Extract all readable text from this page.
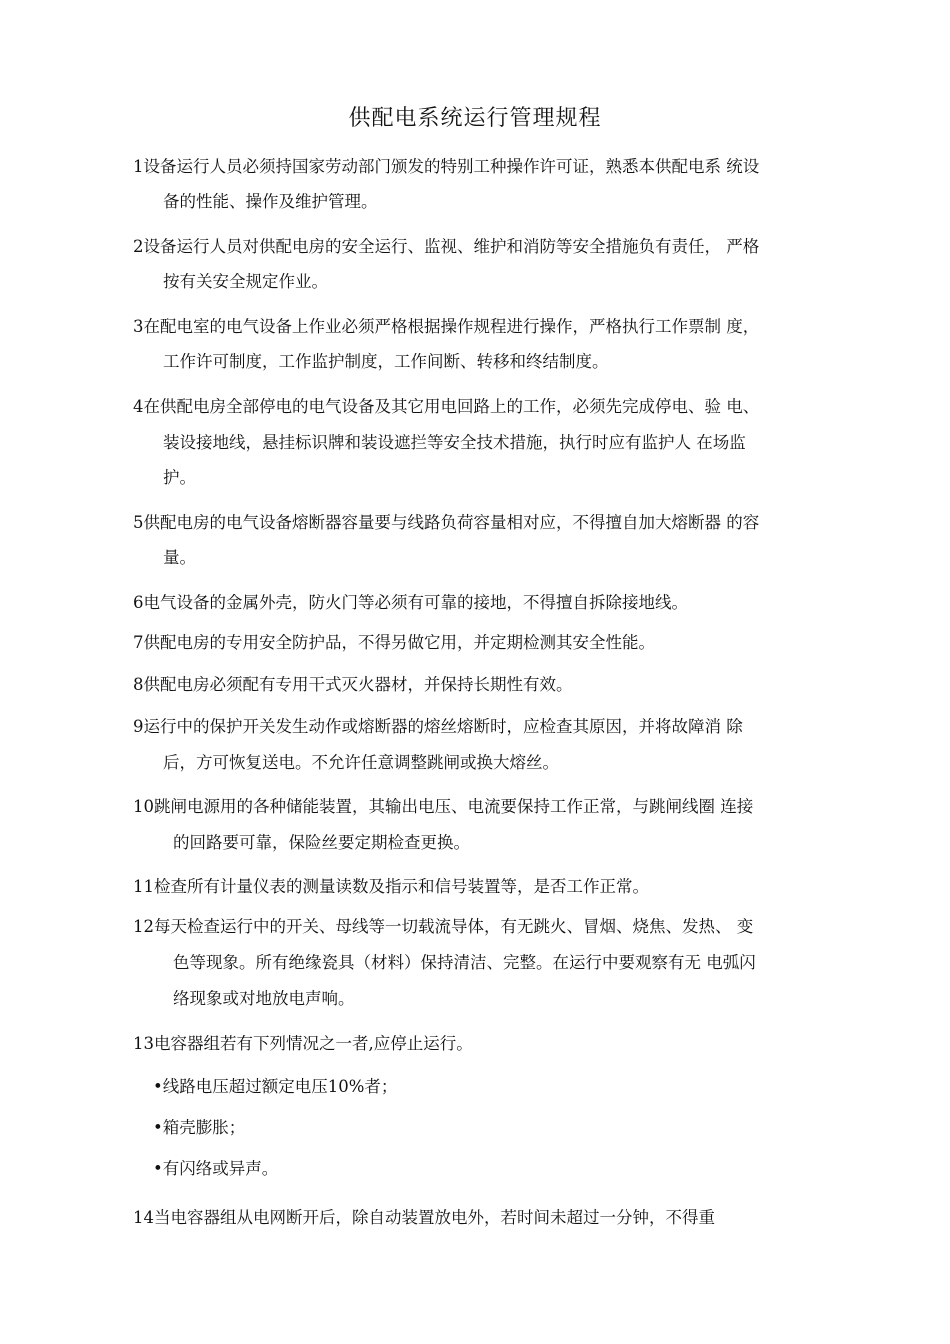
供配电系统运行管理规程
1设备运行人员必须持国家劳动部门颁发的特别工种操作许可证，熟悉本供配电系 统设
备的性能、操作及维护管理。
2设备运行人员对供配电房的安全运行、监视、维护和消防等安全措施负有责任， 严格
按有关安全规定作业。
3在配电室的电气设备上作业必须严格根据操作规程进行操作，严格执行工作票制 度，
工作许可制度，工作监护制度，工作间断、转移和终结制度。
4在供配电房全部停电的电气设备及其它用电回路上的工作，必须先完成停电、验 电、
装设接地线，悬挂标识牌和装设遮拦等安全技术措施，执行时应有监护人 在场监
护。
5供配电房的电气设备熔断器容量要与线路负荷容量相对应，不得擅自加大熔断器 的容
量。
6电气设备的金属外壳，防火门等必须有可靠的接地，不得擅自拆除接地线。
7供配电房的专用安全防护品，不得另做它用，并定期检测其安全性能。
8供配电房必须配有专用干式灭火器材，并保持长期性有效。
9运行中的保护开关发生动作或熔断器的熔丝熔断时，应检查其原因，并将故障消 除
后，方可恢复送电。不允许任意调整跳闸或换大熔丝。
10跳闸电源用的各种储能装置，其输出电压、电流要保持工作正常，与跳闸线圈 连接
的回路要可靠，保险丝要定期检查更换。
11检查所有计量仪表的测量读数及指示和信号装置等，是否工作正常。
12每天检查运行中的开关、母线等一切载流导体，有无跳火、冒烟、烧焦、发热、 变
色等现象。所有绝缘瓷具（材料）保持清洁、完整。在运行中要观察有无 电弧闪
络现象或对地放电声响。
13电容器组若有下列情况之一者,应停止运行。
•线路电压超过额定电压10%者；
•箱壳膨胀；
•有闪络或异声。
14当电容器组从电网断开后，除自动装置放电外，若时间未超过一分钟，不得重
